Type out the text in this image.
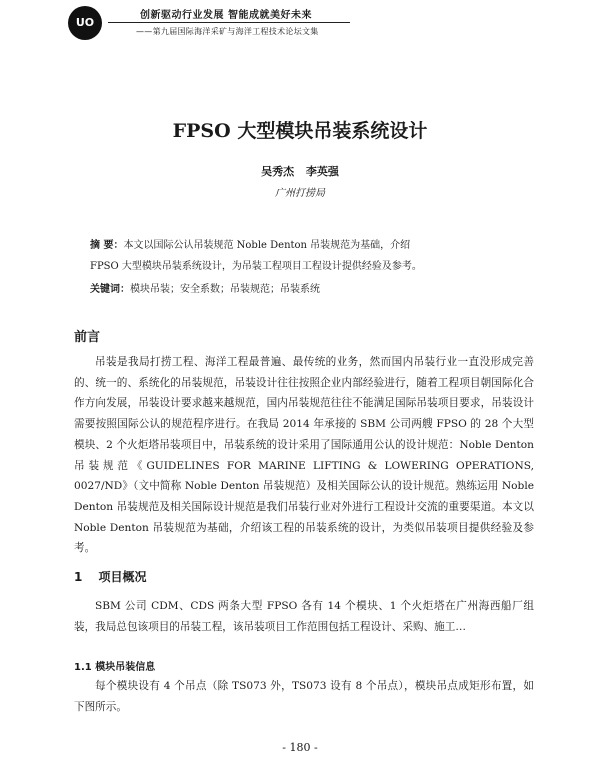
UO
创新驱动行业发展 智能成就美好未来
——第九届国际海洋采矿与海洋工程技术论坛文集
FPSO 大型模块吊装系统设计
吴秀杰 李英强
广州打捞局
摘 要：本文以国际公认吊装规范 Noble Denton 吊装规范为基础，介绍
FPSO 大型模块吊装系统设计，为吊装工程项目工程设计提供经验及参考。
关键词：模块吊装；安全系数；吊装规范；吊装系统
前言
吊装是我局打捞工程、海洋工程最普遍、最传统的业务，然而国内吊装行业一直没形成完善的、统一的、系统化的吊装规范，吊装设计往往按照企业内部经验进行，随着工程项目朝国际化合作方向发展，吊装设计要求越来越规范，国内吊装规范往往不能满足国际吊装项目要求，吊装设计需要按照国际公认的规范程序进行。在我局 2014 年承接的 SBM 公司两艘 FPSO 的 28 个大型模块、2 个火炬塔吊装项目中，吊装系统的设计采用了国际通用公认的设计规范：Noble Denton 吊装规范《GUIDELINES FOR MARINE LIFTING & LOWERING OPERATIONS, 0027/ND》（文中简称 Noble Denton 吊装规范）及相关国际公认的设计规范。熟练运用 Noble Denton 吊装规范及相关国际设计规范是我们吊装行业对外进行工程设计交流的重要渠道。本文以 Noble Denton 吊装规范为基础，介绍该工程的吊装系统的设计，为类似吊装项目提供经验及参考。
1 项目概况
SBM 公司 CDM、CDS 两条大型 FPSO 各有 14 个模块、1 个火炬塔在广州海西船厂组装，我局总包该项目的吊装工程，该吊装项目工作范围包括工程设计、采购、施工…
1.1 模块吊装信息
每个模块设有 4 个吊点（除 TS073 外，TS073 设有 8 个吊点），模块吊点成矩形布置，如下图所示。
- 180 -
